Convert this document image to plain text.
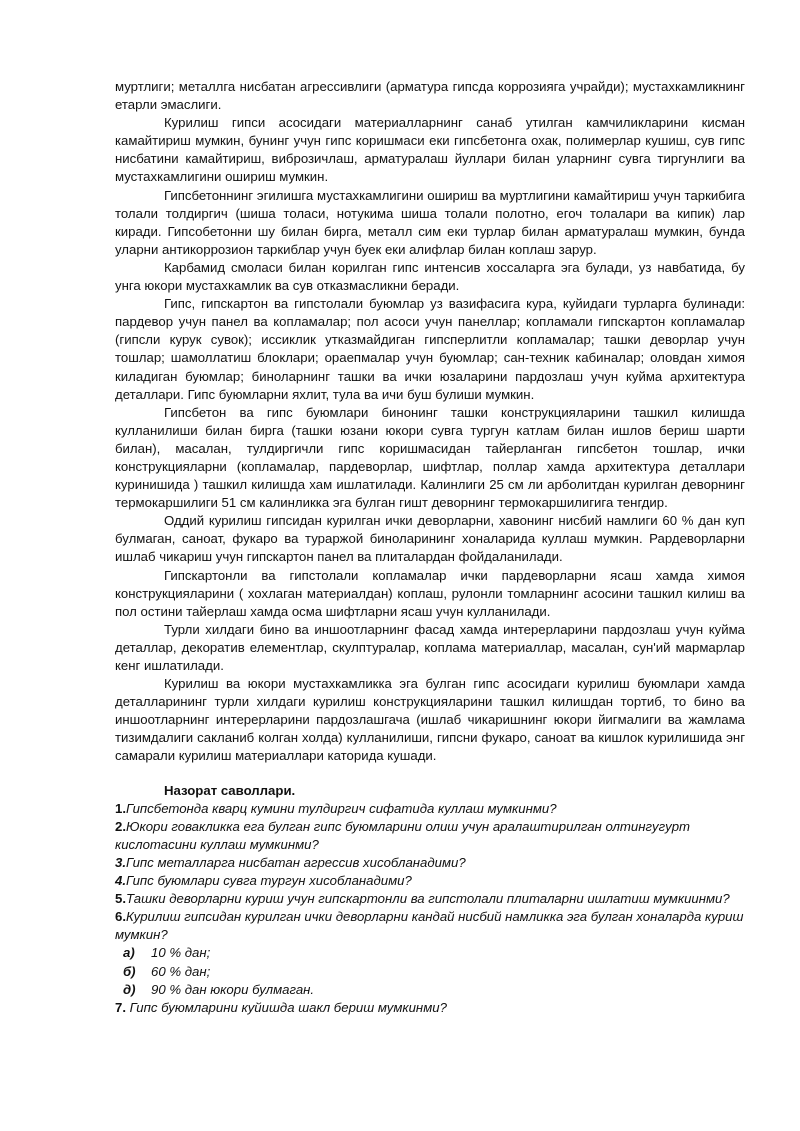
муртлиги; металлга нисбатан агрессивлиги (арматура гипсда коррозияга учрайди); мустахкамликнинг етарли эмаслиги.

Курилиш гипси асосидаги материалларнинг санаб утилган камчиликларини кисман камайтириш мумкин, бунинг учун гипс коришмаси еки гипсбетонга охак, полимерлар кушиш, сув гипс нисбатини камайтириш, виброзичлаш, арматуралаш йуллари билан уларнинг сувга тиргунлиги ва мустахкамлигини ошириш мумкин.

Гипсбетоннинг эгилишга мустахкамлигини ошириш ва муртлигини камайтириш учун таркибига толали толдиргич (шиша толаси, нотукима шиша толали полотно, егоч толалари ва кипик) лар киради. Гипсобетонни шу билан бирга, металл сим еки турлар билан арматуралаш мумкин, бунда уларни антикоррозион таркиблар учун буек еки алифлар билан коплаш зарур.

Карбамид смоласи билан корилган гипс интенсив хоссаларга эга булади, уз навбатида, бу унга юкори мустахкамлик ва сув отказмасликни беради.

Гипс, гипскартон ва гипстолали буюмлар уз вазифасига кура, куйидаги турларга булинади: пардевор учун панел ва копламалар; пол асоси учун панеллар; копламали гипскартон копламалар (гипсли курук сувок); иссиклик утказмайдиган гипсперлитли копламалар; ташки деворлар учун тошлар; шамоллатиш блоклари; ораепмалар учун буюмлар; сан-техник кабиналар; оловдан химоя киладиган буюмлар; биноларнинг ташки ва ички юзаларини пардозлаш учун куйма архитектура деталлари. Гипс буюмларни яхлит, тула ва ичи буш булиши мумкин.

Гипсбетон ва гипс буюмлари бинонинг ташки конструкцияларини ташкил килишда кулланилиши билан бирга (ташки юзани юкори сувга тургун катлам билан ишлов бериш шарти билан), масалан, тулдиргичли гипс коришмасидан тайерланган гипсбетон тошлар, ички конструкцияларни (копламалар, пардеворлар, шифтлар, поллар хамда архитектура деталлари куринишида ) ташкил килишда хам ишлатилади. Калинлиги 25 см ли арболитдан курилган деворнинг термокаршилиги 51 см калинликка эга булган гишт деворнинг термокаршилигига тенгдир.

Оддий курилиш гипсидан курилган ички деворларни, хавонинг нисбий намлиги 60 % дан куп булмаган, саноат, фукаро ва тураржой биноларининг хоналарида куллаш мумкин. Рардеворларни ишлаб чикариш учун гипскартон панел ва плиталардан фойдаланилади.

Гипскартонли ва гипстолали копламалар ички пардеворларни ясаш хамда химоя конструкцияларини ( хохлаган материалдан) коплаш, рулонли томларнинг асосини ташкил килиш ва пол остини тайерлаш хамда осма шифтларни ясаш учун кулланилади.

Турли хилдаги бино ва иншоотларнинг фасад хамда интерерларини пардозлаш учун куйма деталлар, декоратив елементлар, скулптуралар, коплама материаллар, масалан, сун'ий мармарлар кенг ишлатилади.

Курилиш ва юкори мустахкамликка эга булган гипс асосидаги курилиш буюмлари хамда деталларининг турли хилдаги курилиш конструкцияларини ташкил килишдан тортиб, то бино ва иншоотларнинг интерерларини пардозлашгача (ишлаб чикаришнинг юкори йигмалиги ва жамлама тизимдалиги сакланиб колган холда) кулланилиши, гипсни фукаро, саноат ва кишлок курилишида энг самарали курилиш материаллари каторида кушади.

Назорат саволлари.
1.Гипсбетонда кварц кумини тулдиргич сифатида куллаш мумкинми?
2.Юкори говакликка ега булган гипс буюмларини олиш учун аралаштирилган олтингугурт кислотасини куллаш мумкинми?
3.Гипс металларга нисбатан агрессив хисобланадими?
4.Гипс буюмлари сувга тургун хисобланадими?
5.Ташки деворларни куриш учун гипскартонли ва гипстолали плиталарни ишлатиш мумкиинми?
6.Курилиш гипсидан курилган ички деворларни кандай нисбий намликка эга булган хоналарда куриш мумкин?
а) 10 % дан;
б) 60 % дан;
д) 90 % дан юкори булмаган.
7. Гипс буюмларини куйишда шакл бериш мумкинми?
